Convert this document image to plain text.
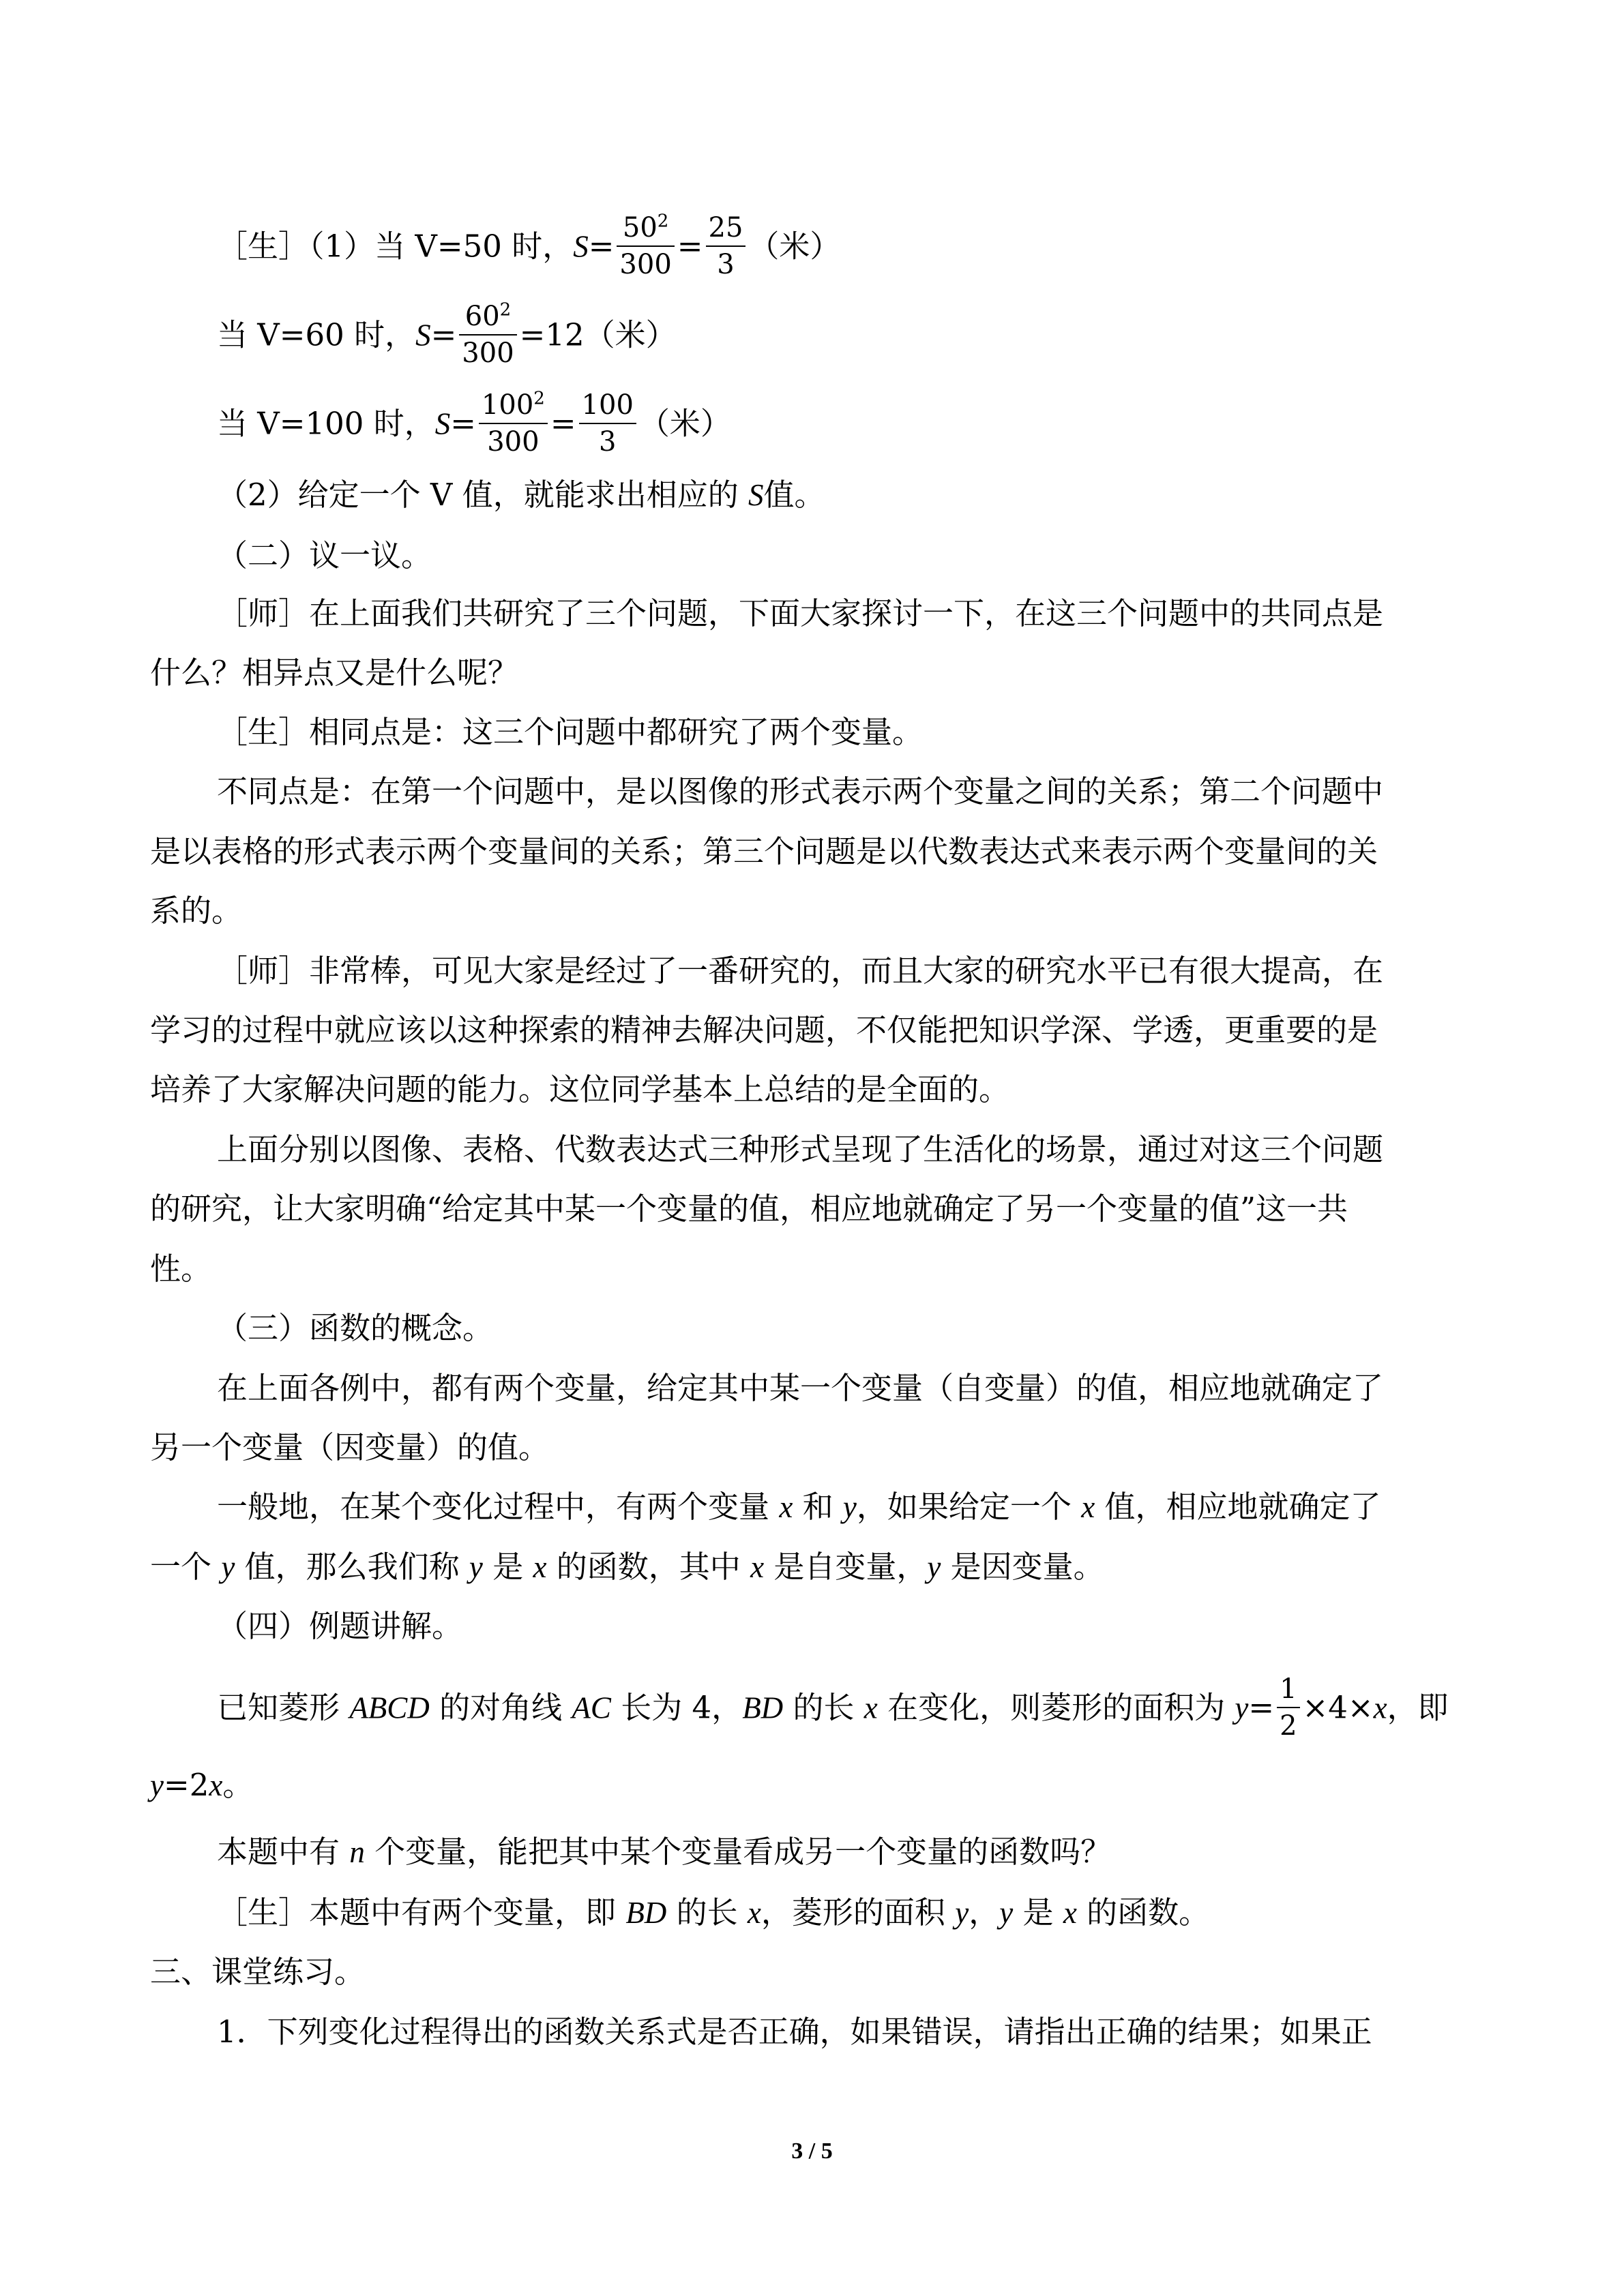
［生］（1）当 V=50 时，$S= \frac{50^2}{300} = \frac{25}{3}$ （米）
当 V=60 时，$S= \frac{60^2}{300} =12$（米）
当 V=100 时，$S= \frac{100^2}{300} = \frac{100}{3}$ （米）
（2）给定一个 V 值，就能求出相应的 S值。
（二）议一议。
［师］在上面我们共研究了三个问题，下面大家探讨一下，在这三个问题中的共同点是
什么？相异点又是什么呢？
［生］相同点是：这三个问题中都研究了两个变量。
不同点是：在第一个问题中，是以图像的形式表示两个变量之间的关系；第二个问题中
是以表格的形式表示两个变量间的关系；第三个问题是以代数表达式来表示两个变量间的关
系的。
［师］非常棒，可见大家是经过了一番研究的，而且大家的研究水平已有很大提高，在
学习的过程中就应该以这种探索的精神去解决问题，不仅能把知识学深、学透，更重要的是
培养了大家解决问题的能力。这位同学基本上总结的是全面的。
上面分别以图像、表格、代数表达式三种形式呈现了生活化的场景，通过对这三个问题
的研究，让大家明确“给定其中某一个变量的值，相应地就确定了另一个变量的值”这一共
性。
（三）函数的概念。
在上面各例中，都有两个变量，给定其中某一个变量（自变量）的值，相应地就确定了
另一个变量（因变量）的值。
一般地，在某个变化过程中，有两个变量 x 和 y，如果给定一个 x 值，相应地就确定了
一个 y 值，那么我们称 y 是 x 的函数，其中 x 是自变量，y 是因变量。
（四）例题讲解。
已知菱形 ABCD 的对角线 AC 长为 4，BD 的长 x 在变化，则菱形的面积为 $y= \frac{1}{2} \times 4\times x$，即
y=2x。
本题中有 n 个变量，能把其中某个变量看成另一个变量的函数吗？
［生］本题中有两个变量，即 BD 的长 x，菱形的面积 y，y 是 x 的函数。
三、课堂练习。
1．下列变化过程得出的函数关系式是否正确，如果错误，请指出正确的结果；如果正
3 / 5
